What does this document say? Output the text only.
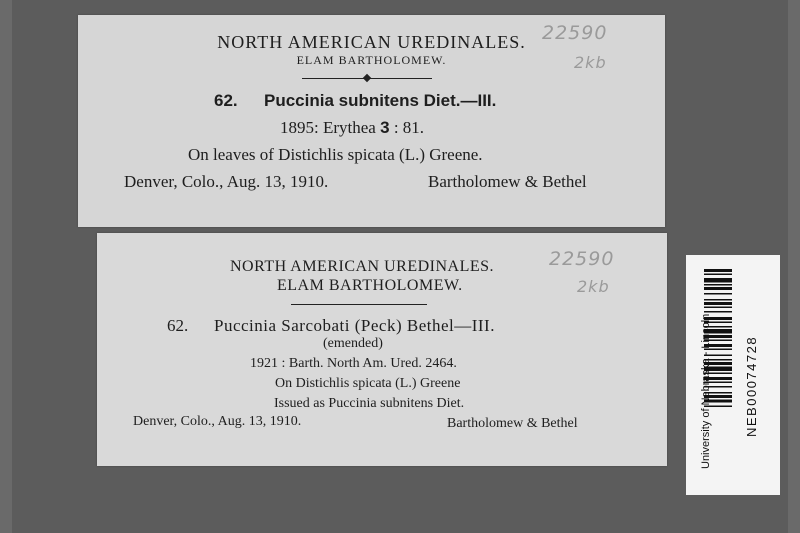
NORTH AMERICAN UREDINALES.
ELAM BARTHOLOMEW.
62. Puccinia subnitens Diet.—III.
1895: Erythea 3 : 81.
On leaves of Distichlis spicata (L.) Greene.
Denver, Colo., Aug. 13, 1910.	Bartholomew & Bethel
22590
2kb
NORTH AMERICAN UREDINALES.
ELAM BARTHOLOMEW.
62. Puccinia Sarcobati (Peck) Bethel—III.
(emended)
1921 : Barth. North Am. Ured. 2464.
On Distichlis spicata (L.) Greene
Issued as Puccinia subnitens Diet.
Denver, Colo., Aug. 13, 1910.	Bartholomew & Bethel
22590
2kb
University of Nebraska - Lincoln NEB00074728
